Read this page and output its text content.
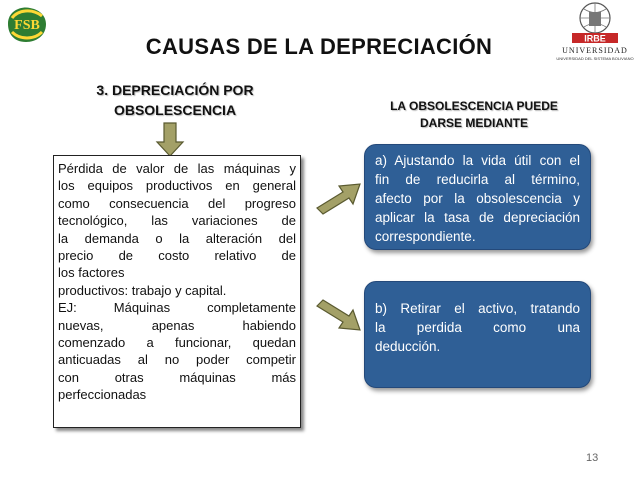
FSB
IRBE
UNIVERSIDAD
UNIVERSIDAD DEL SISTEMA BOLIVIANO
CAUSAS DE LA DEPRECIACIÓN
3. DEPRECIACIÓN POR
OBSOLESCENCIA	LA OBSOLESCENCIA PUEDE
DARSE MEDIANTE

Pérdida de valor de las máquinas y

los equipos productivos en general

como consecuencia del progreso

tecnológico, las variaciones de

la demanda o la alteración del

precio de costo relativo de

los factores

productivos: trabajo y capital.

EJ: Máquinas completamente

nuevas, apenas habiendo

comenzado a funcionar, quedan

anticuadas al no poder competir

con otras máquinas más

perfeccionadas

a) Ajustando la vida útil con el

fin de reducirla al término,

afecto por la obsolescencia y

aplicar la tasa de depreciación

correspondiente.

b) Retirar el activo, tratando

la perdida como una

deducción.

13
